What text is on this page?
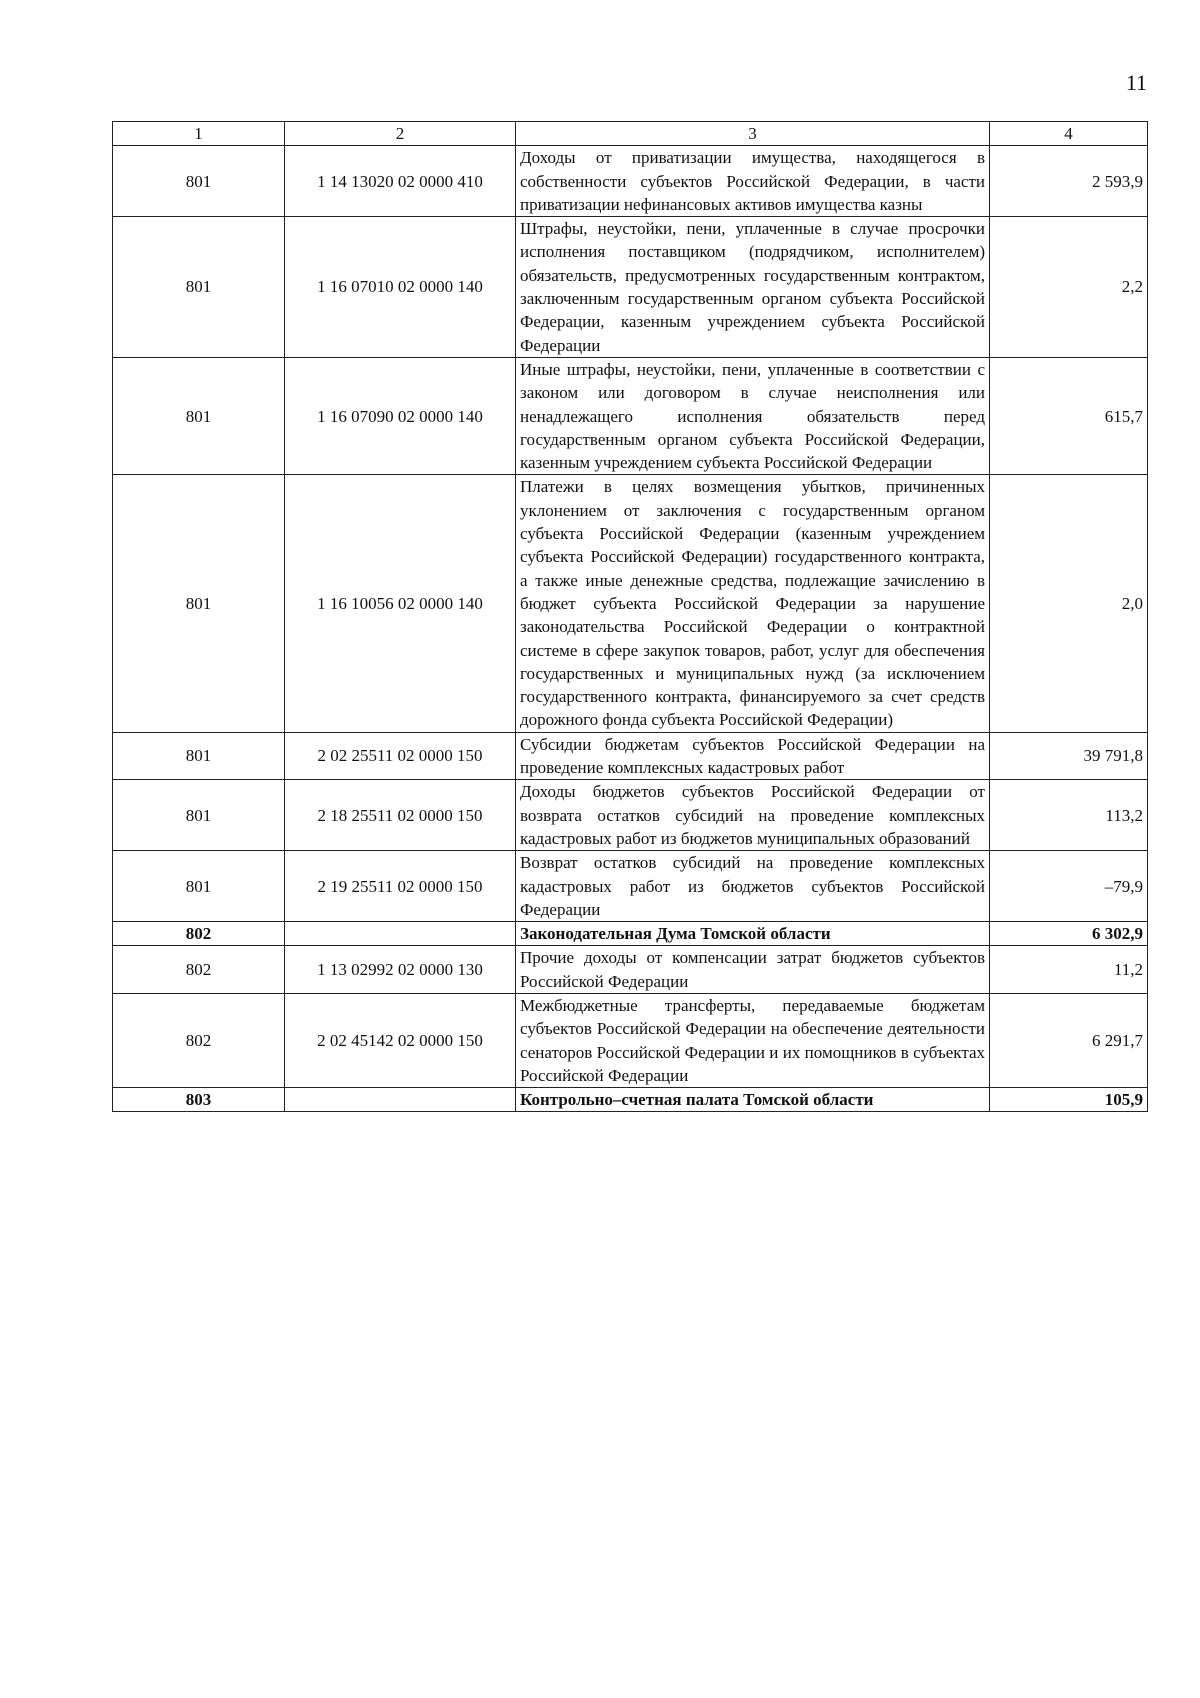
11
1	2	3	4
801	1 14 13020 02 0000 410	Доходы от приватизации имущества, находящегося в собственности субъектов Российской Федерации, в части приватизации нефинансовых активов имущества казны	2 593,9
801	1 16 07010 02 0000 140	Штрафы, неустойки, пени, уплаченные в случае просрочки исполнения поставщиком (подрядчиком, исполнителем) обязательств, предусмотренных государственным контрактом, заключенным государственным органом субъекта Российской Федерации, казенным учреждением субъекта Российской Федерации	2,2
801	1 16 07090 02 0000 140	Иные штрафы, неустойки, пени, уплаченные в соответствии с законом или договором в случае неисполнения или ненадлежащего исполнения обязательств перед государственным органом субъекта Российской Федерации, казенным учреждением субъекта Российской Федерации	615,7
801	1 16 10056 02 0000 140	Платежи в целях возмещения убытков, причиненных уклонением от заключения с государственным органом субъекта Российской Федерации (казенным учреждением субъекта Российской Федерации) государственного контракта, а также иные денежные средства, подлежащие зачислению в бюджет субъекта Российской Федерации за нарушение законодательства Российской Федерации о контрактной системе в сфере закупок товаров, работ, услуг для обеспечения государственных и муниципальных нужд (за исключением государственного контракта, финансируемого за счет средств дорожного фонда субъекта Российской Федерации)	2,0
801	2 02 25511 02 0000 150	Субсидии бюджетам субъектов Российской Федерации на проведение комплексных кадастровых работ	39 791,8
801	2 18 25511 02 0000 150	Доходы бюджетов субъектов Российской Федерации от возврата остатков субсидий на проведение комплексных кадастровых работ из бюджетов муниципальных образований	113,2
801	2 19 25511 02 0000 150	Возврат остатков субсидий на проведение комплексных кадастровых работ из бюджетов субъектов Российской Федерации	–79,9
802		Законодательная Дума Томской области	6 302,9
802	1 13 02992 02 0000 130	Прочие доходы от компенсации затрат бюджетов субъектов Российской Федерации	11,2
802	2 02 45142 02 0000 150	Межбюджетные трансферты, передаваемые бюджетам субъектов Российской Федерации на обеспечение деятельности сенаторов Российской Федерации и их помощников в субъектах Российской Федерации	6 291,7
803		Контрольно–счетная палата Томской области	105,9
